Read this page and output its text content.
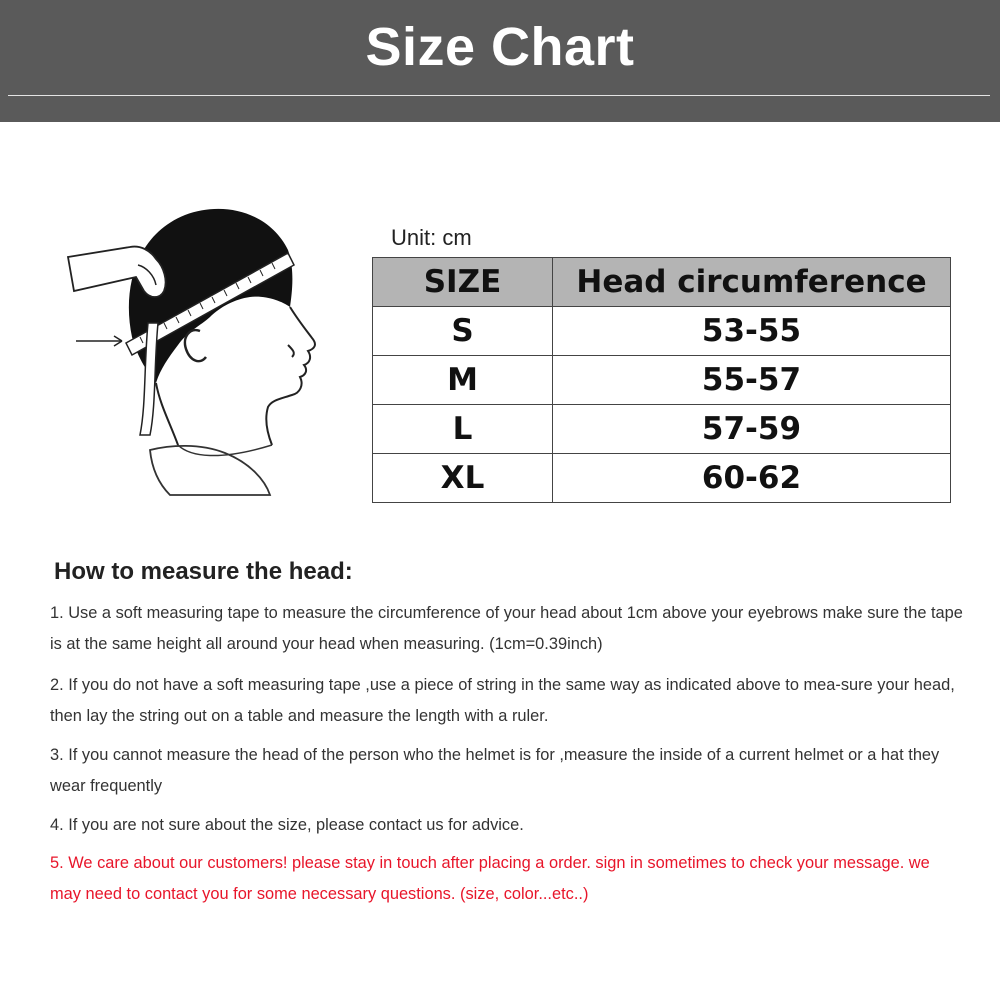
Size Chart
Unit: cm
SIZE	Head circumference
S	53-55
M	55-57
L	57-59
XL	60-62
How to measure the head:
1. Use a soft measuring tape to measure the circumference of your head about 1cm above your eyebrows make sure the tape is at the same height all around your head when measuring. (1cm=0.39inch)
2. If you do not have a soft measuring tape ,use a piece of string in the same way as indicated above to mea-sure your head, then lay the string out on a table and measure the length with a ruler.
3. If you cannot measure the head of the person who the helmet is for ,measure the inside of a current helmet or a hat they wear frequently
4. If you are not sure about the size, please contact us for advice.
5. We care about our customers! please stay in touch after placing a order. sign in sometimes to check your message. we may need to contact you for some necessary questions. (size, color...etc..)
